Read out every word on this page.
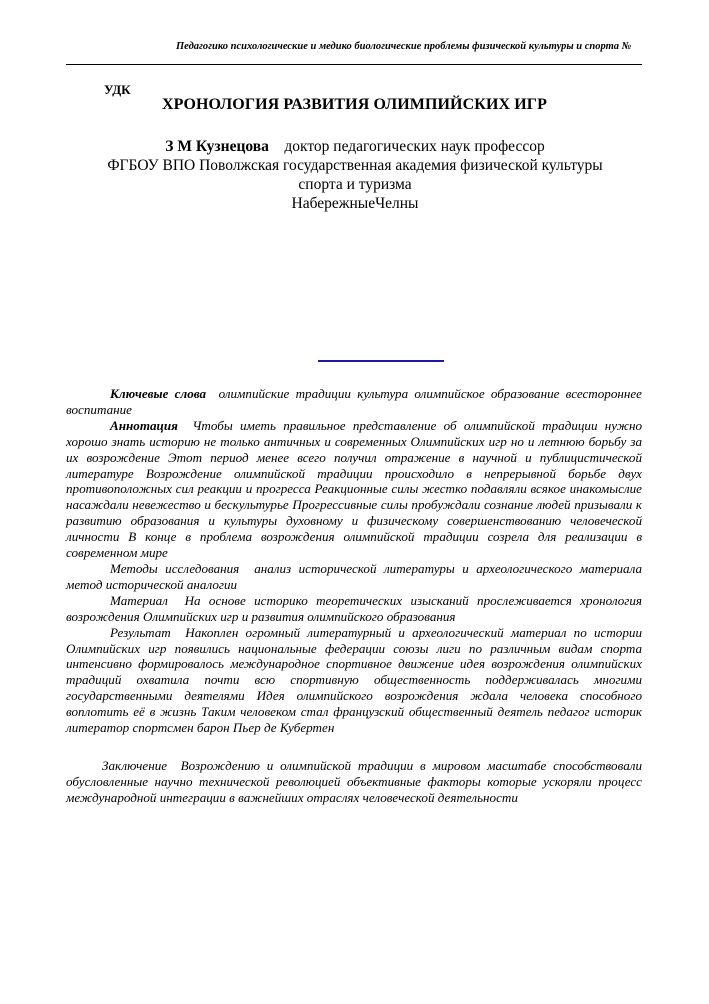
Педагогико психологические и медико биологические проблемы физической культуры и спорта №
УДК
ХРОНОЛОГИЯ РАЗВИТИЯ ОЛИМПИЙСКИХ ИГР
З М Кузнецова доктор педагогических наук профессор
ФГБОУ ВПО Поволжская государственная академия физической культуры
спорта и туризма
НабережныеЧелны

Ключевые слова олимпийские традиции культура олимпийское образование всестороннее воспитание

Аннотация Чтобы иметь правильное представление об олимпийской традиции нужно хорошо знать историю не только античных и современных Олимпийских игр но и летнюю борьбу за их возрождение Этот период менее всего получил отражение в научной и публицистической литературе Возрождение олимпийской традиции происходило в непрерывной борьбе двух противоположных сил реакции и прогресса Реакционные силы жестко подавляли всякое инакомыслие насаждали невежество и бескультурье Прогрессивные силы пробуждали сознание людей призывали к развитию образования и культуры духовному и физическому совершенствованию человеческой личности В конце в проблема возрождения олимпийской традиции созрела для реализации в современном мире

Методы исследования анализ исторической литературы и археологического материала метод исторической аналогии

Материал На основе историко теоретических изысканий прослеживается хронология возрождения Олимпийских игр и развития олимпийского образования

Результат Накоплен огромный литературный и археологический материал по истории Олимпийских игр появились национальные федерации союзы лиги по различным видам спорта интенсивно формировалось международное спортивное движение идея возрождения олимпийских традиций охватила почти всю спортивную общественность поддерживалась многими государственными деятелями Идея олимпийского возрождения ждала человека способного воплотить её в жизнь Таким человеком стал французский общественный деятель педагог историк литератор спортсмен барон Пьер де Кубертен

Заключение Возрождению и олимпийской традиции в мировом масштабе способствовали обусловленные научно технической революцией объективные факторы которые ускоряли процесс международной интеграции в важнейших отраслях человеческой деятельности
